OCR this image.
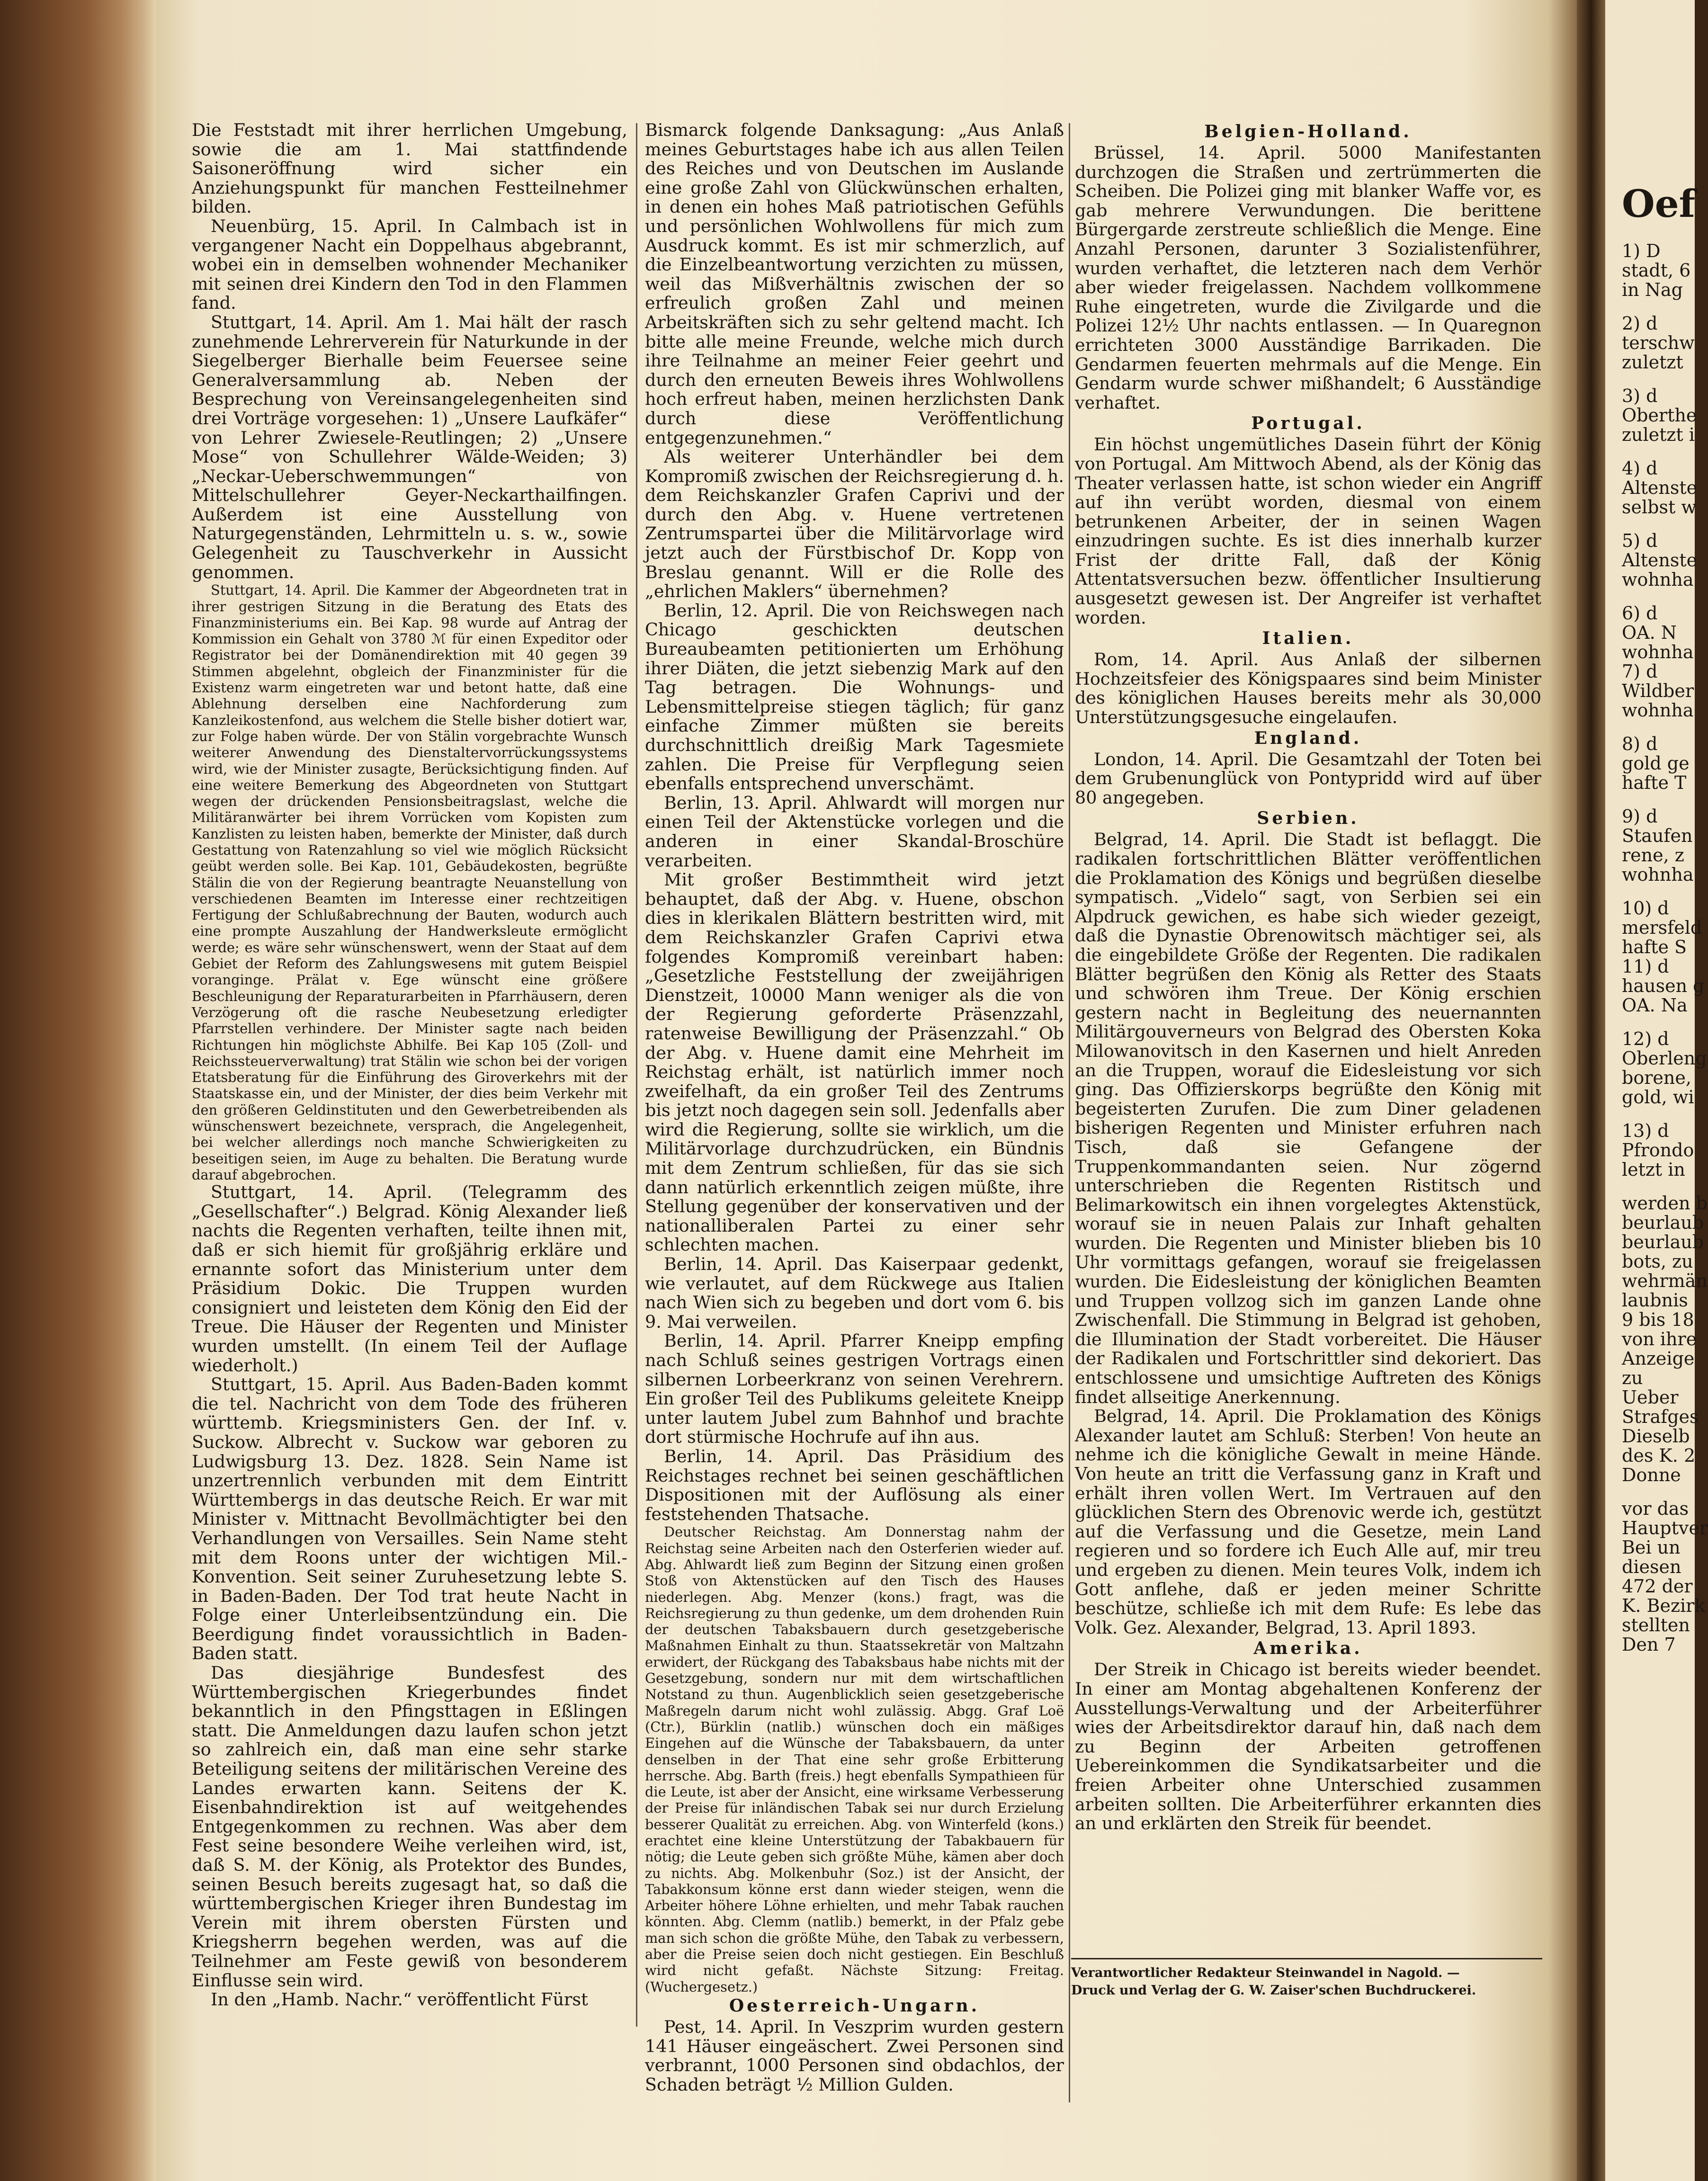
Die Feststadt mit ihrer herrlichen Umgebung, sowie die am 1. Mai stattfindende Saisoneröffnung wird sicher ein Anziehungspunkt für manchen Festteilnehmer bilden.

Neuenbürg, 15. April. In Calmbach ist in vergangener Nacht ein Doppelhaus abgebrannt, wobei ein in demselben wohnender Mechaniker mit seinen drei Kindern den Tod in den Flammen fand.

Stuttgart, 14. April. Am 1. Mai hält der rasch zunehmende Lehrerverein für Naturkunde in der Siegelberger Bierhalle beim Feuersee seine Generalversammlung ab. Neben der Besprechung von Vereinsangelegenheiten sind drei Vorträge vorgesehen: 1) „Unsere Laufkäfer“ von Lehrer Zwiesele-Reutlingen; 2) „Unsere Mose“ von Schullehrer Wälde-Weiden; 3) „Neckar-Ueberschwemmungen“ von Mittelschullehrer Geyer-Neckarthailfingen. Außerdem ist eine Ausstellung von Naturgegenständen, Lehrmitteln u. s. w., sowie Gelegenheit zu Tauschverkehr in Aussicht genommen.

Stuttgart, 14. April. Die Kammer der Abgeordneten trat in ihrer gestrigen Sitzung in die Beratung des Etats des Finanzministeriums ein. Bei Kap. 98 wurde auf Antrag der Kommission ein Gehalt von 3780 ℳ für einen Expeditor oder Registrator bei der Domänendirektion mit 40 gegen 39 Stimmen abgelehnt, obgleich der Finanzminister für die Existenz warm eingetreten war und betont hatte, daß eine Ablehnung derselben eine Nachforderung zum Kanzleikostenfond, aus welchem die Stelle bisher dotiert war, zur Folge haben würde. Der von Stälin vorgebrachte Wunsch weiterer Anwendung des Dienstaltervorrückungssystems wird, wie der Minister zusagte, Berücksichtigung finden. Auf eine weitere Bemerkung des Abgeordneten von Stuttgart wegen der drückenden Pensionsbeitragslast, welche die Militäranwärter bei ihrem Vorrücken vom Kopisten zum Kanzlisten zu leisten haben, bemerkte der Minister, daß durch Gestattung von Ratenzahlung so viel wie möglich Rücksicht geübt werden solle. Bei Kap. 101, Gebäudekosten, begrüßte Stälin die von der Regierung beantragte Neuanstellung von verschiedenen Beamten im Interesse einer rechtzeitigen Fertigung der Schlußabrechnung der Bauten, wodurch auch eine prompte Auszahlung der Handwerksleute ermöglicht werde; es wäre sehr wünschenswert, wenn der Staat auf dem Gebiet der Reform des Zahlungswesens mit gutem Beispiel voranginge. Prälat v. Ege wünscht eine größere Beschleunigung der Reparaturarbeiten in Pfarrhäusern, deren Verzögerung oft die rasche Neubesetzung erledigter Pfarrstellen verhindere. Der Minister sagte nach beiden Richtungen hin möglichste Abhilfe. Bei Kap 105 (Zoll- und Reichssteuerverwaltung) trat Stälin wie schon bei der vorigen Etatsberatung für die Einführung des Giroverkehrs mit der Staatskasse ein, und der Minister, der dies beim Verkehr mit den größeren Geldinstituten und den Gewerbetreibenden als wünschenswert bezeichnete, versprach, die Angelegenheit, bei welcher allerdings noch manche Schwierigkeiten zu beseitigen seien, im Auge zu behalten. Die Beratung wurde darauf abgebrochen.

Stuttgart, 14. April. (Telegramm des „Gesellschafter“.) Belgrad. König Alexander ließ nachts die Regenten verhaften, teilte ihnen mit, daß er sich hiemit für großjährig erkläre und ernannte sofort das Ministerium unter dem Präsidium Dokic. Die Truppen wurden consigniert und leisteten dem König den Eid der Treue. Die Häuser der Regenten und Minister wurden umstellt. (In einem Teil der Auflage wiederholt.)

Stuttgart, 15. April. Aus Baden-Baden kommt die tel. Nachricht von dem Tode des früheren württemb. Kriegsministers Gen. der Inf. v. Suckow. Albrecht v. Suckow war geboren zu Ludwigsburg 13. Dez. 1828. Sein Name ist unzertrennlich verbunden mit dem Eintritt Württembergs in das deutsche Reich. Er war mit Minister v. Mittnacht Bevollmächtigter bei den Verhandlungen von Versailles. Sein Name steht mit dem Roons unter der wichtigen Mil.-Konvention. Seit seiner Zuruhesetzung lebte S. in Baden-Baden. Der Tod trat heute Nacht in Folge einer Unterleibsentzündung ein. Die Beerdigung findet voraussichtlich in Baden-Baden statt.

Das diesjährige Bundesfest des Württembergischen Kriegerbundes findet bekanntlich in den Pfingsttagen in Eßlingen statt. Die Anmeldungen dazu laufen schon jetzt so zahlreich ein, daß man eine sehr starke Beteiligung seitens der militärischen Vereine des Landes erwarten kann. Seitens der K. Eisenbahndirektion ist auf weitgehendes Entgegenkommen zu rechnen. Was aber dem Fest seine besondere Weihe verleihen wird, ist, daß S. M. der König, als Protektor des Bundes, seinen Besuch bereits zugesagt hat, so daß die württembergischen Krieger ihren Bundestag im Verein mit ihrem obersten Fürsten und Kriegsherrn begehen werden, was auf die Teilnehmer am Feste gewiß von besonderem Einflusse sein wird.

In den „Hamb. Nachr.“ veröffentlicht Fürst

Bismarck folgende Danksagung: „Aus Anlaß meines Geburtstages habe ich aus allen Teilen des Reiches und von Deutschen im Auslande eine große Zahl von Glückwünschen erhalten, in denen ein hohes Maß patriotischen Gefühls und persönlichen Wohlwollens für mich zum Ausdruck kommt. Es ist mir schmerzlich, auf die Einzelbeantwortung verzichten zu müssen, weil das Mißverhältnis zwischen der so erfreulich großen Zahl und meinen Arbeitskräften sich zu sehr geltend macht. Ich bitte alle meine Freunde, welche mich durch ihre Teilnahme an meiner Feier geehrt und durch den erneuten Beweis ihres Wohlwollens hoch erfreut haben, meinen herzlichsten Dank durch diese Veröffentlichung entgegenzunehmen.“

Als weiterer Unterhändler bei dem Kompromiß zwischen der Reichsregierung d. h. dem Reichskanzler Grafen Caprivi und der durch den Abg. v. Huene vertretenen Zentrumspartei über die Militärvorlage wird jetzt auch der Fürstbischof Dr. Kopp von Breslau genannt. Will er die Rolle des „ehrlichen Maklers“ übernehmen?

Berlin, 12. April. Die von Reichswegen nach Chicago geschickten deutschen Bureaubeamten petitionierten um Erhöhung ihrer Diäten, die jetzt siebenzig Mark auf den Tag betragen. Die Wohnungs- und Lebensmittelpreise stiegen täglich; für ganz einfache Zimmer müßten sie bereits durchschnittlich dreißig Mark Tagesmiete zahlen. Die Preise für Verpflegung seien ebenfalls entsprechend unverschämt.

Berlin, 13. April. Ahlwardt will morgen nur einen Teil der Aktenstücke vorlegen und die anderen in einer Skandal-Broschüre verarbeiten.

Mit großer Bestimmtheit wird jetzt behauptet, daß der Abg. v. Huene, obschon dies in klerikalen Blättern bestritten wird, mit dem Reichskanzler Grafen Caprivi etwa folgendes Kompromiß vereinbart haben: „Gesetzliche Feststellung der zweijährigen Dienstzeit, 10000 Mann weniger als die von der Regierung geforderte Präsenzzahl, ratenweise Bewilligung der Präsenzzahl.“ Ob der Abg. v. Huene damit eine Mehrheit im Reichstag erhält, ist natürlich immer noch zweifelhaft, da ein großer Teil des Zentrums bis jetzt noch dagegen sein soll. Jedenfalls aber wird die Regierung, sollte sie wirklich, um die Militärvorlage durchzudrücken, ein Bündnis mit dem Zentrum schließen, für das sie sich dann natürlich erkenntlich zeigen müßte, ihre Stellung gegenüber der konservativen und der nationalliberalen Partei zu einer sehr schlechten machen.

Berlin, 14. April. Das Kaiserpaar gedenkt, wie verlautet, auf dem Rückwege aus Italien nach Wien sich zu begeben und dort vom 6. bis 9. Mai verweilen.

Berlin, 14. April. Pfarrer Kneipp empfing nach Schluß seines gestrigen Vortrags einen silbernen Lorbeerkranz von seinen Verehrern. Ein großer Teil des Publikums geleitete Kneipp unter lautem Jubel zum Bahnhof und brachte dort stürmische Hochrufe auf ihn aus.

Berlin, 14. April. Das Präsidium des Reichstages rechnet bei seinen geschäftlichen Dispositionen mit der Auflösung als einer feststehenden Thatsache.

Deutscher Reichstag. Am Donnerstag nahm der Reichstag seine Arbeiten nach den Osterferien wieder auf. Abg. Ahlwardt ließ zum Beginn der Sitzung einen großen Stoß von Aktenstücken auf den Tisch des Hauses niederlegen. Abg. Menzer (kons.) fragt, was die Reichsregierung zu thun gedenke, um dem drohenden Ruin der deutschen Tabaksbauern durch gesetzgeberische Maßnahmen Einhalt zu thun. Staatssekretär von Maltzahn erwidert, der Rückgang des Tabaksbaus habe nichts mit der Gesetzgebung, sondern nur mit dem wirtschaftlichen Notstand zu thun. Augenblicklich seien gesetzgeberische Maßregeln darum nicht wohl zulässig. Abgg. Graf Loë (Ctr.), Bürklin (natlib.) wünschen doch ein mäßiges Eingehen auf die Wünsche der Tabaksbauern, da unter denselben in der That eine sehr große Erbitterung herrsche. Abg. Barth (freis.) hegt ebenfalls Sympathieen für die Leute, ist aber der Ansicht, eine wirksame Verbesserung der Preise für inländischen Tabak sei nur durch Erzielung besserer Qualität zu erreichen. Abg. von Winterfeld (kons.) erachtet eine kleine Unterstützung der Tabakbauern für nötig; die Leute geben sich größte Mühe, kämen aber doch zu nichts. Abg. Molkenbuhr (Soz.) ist der Ansicht, der Tabakkonsum könne erst dann wieder steigen, wenn die Arbeiter höhere Löhne erhielten, und mehr Tabak rauchen könnten. Abg. Clemm (natlib.) bemerkt, in der Pfalz gebe man sich schon die größte Mühe, den Tabak zu verbessern, aber die Preise seien doch nicht gestiegen. Ein Beschluß wird nicht gefaßt. Nächste Sitzung: Freitag. (Wuchergesetz.)

Oesterreich-Ungarn.

Pest, 14. April. In Veszprim wurden gestern 141 Häuser eingeäschert. Zwei Personen sind verbrannt, 1000 Personen sind obdachlos, der Schaden beträgt ½ Million Gulden.

Belgien-Holland.

Brüssel, 14. April. 5000 Manifestanten durchzogen die Straßen und zertrümmerten die Scheiben. Die Polizei ging mit blanker Waffe vor, es gab mehrere Verwundungen. Die berittene Bürgergarde zerstreute schließlich die Menge. Eine Anzahl Personen, darunter 3 Sozialistenführer, wurden verhaftet, die letzteren nach dem Verhör aber wieder freigelassen. Nachdem vollkommene Ruhe eingetreten, wurde die Zivilgarde und die Polizei 12½ Uhr nachts entlassen. — In Quaregnon errichteten 3000 Ausständige Barrikaden. Die Gendarmen feuerten mehrmals auf die Menge. Ein Gendarm wurde schwer mißhandelt; 6 Ausständige verhaftet.

Portugal.

Ein höchst ungemütliches Dasein führt der König von Portugal. Am Mittwoch Abend, als der König das Theater verlassen hatte, ist schon wieder ein Angriff auf ihn verübt worden, diesmal von einem betrunkenen Arbeiter, der in seinen Wagen einzudringen suchte. Es ist dies innerhalb kurzer Frist der dritte Fall, daß der König Attentatsversuchen bezw. öffentlicher Insultierung ausgesetzt gewesen ist. Der Angreifer ist verhaftet worden.

Italien.

Rom, 14. April. Aus Anlaß der silbernen Hochzeitsfeier des Königspaares sind beim Minister des königlichen Hauses bereits mehr als 30,000 Unterstützungsgesuche eingelaufen.

England.

London, 14. April. Die Gesamtzahl der Toten bei dem Grubenunglück von Pontypridd wird auf über 80 angegeben.

Serbien.

Belgrad, 14. April. Die Stadt ist beflaggt. Die radikalen fortschrittlichen Blätter veröffentlichen die Proklamation des Königs und begrüßen dieselbe sympatisch. „Videlo“ sagt, von Serbien sei ein Alpdruck gewichen, es habe sich wieder gezeigt, daß die Dynastie Obrenowitsch mächtiger sei, als die eingebildete Größe der Regenten. Die radikalen Blätter begrüßen den König als Retter des Staats und schwören ihm Treue. Der König erschien gestern nacht in Begleitung des neuernannten Militärgouverneurs von Belgrad des Obersten Koka Milowanovitsch in den Kasernen und hielt Anreden an die Truppen, worauf die Eidesleistung vor sich ging. Das Offizierskorps begrüßte den König mit begeisterten Zurufen. Die zum Diner geladenen bisherigen Regenten und Minister erfuhren nach Tisch, daß sie Gefangene der Truppenkommandanten seien. Nur zögernd unterschrieben die Regenten Ristitsch und Belimarkowitsch ein ihnen vorgelegtes Aktenstück, worauf sie in neuen Palais zur Inhaft gehalten wurden. Die Regenten und Minister blieben bis 10 Uhr vormittags gefangen, worauf sie freigelassen wurden. Die Eidesleistung der königlichen Beamten und Truppen vollzog sich im ganzen Lande ohne Zwischenfall. Die Stimmung in Belgrad ist gehoben, die Illumination der Stadt vorbereitet. Die Häuser der Radikalen und Fortschrittler sind dekoriert. Das entschlossene und umsichtige Auftreten des Königs findet allseitige Anerkennung.

Belgrad, 14. April. Die Proklamation des Königs Alexander lautet am Schluß: Sterben! Von heute an nehme ich die königliche Gewalt in meine Hände. Von heute an tritt die Verfassung ganz in Kraft und erhält ihren vollen Wert. Im Vertrauen auf den glücklichen Stern des Obrenovic werde ich, gestützt auf die Verfassung und die Gesetze, mein Land regieren und so fordere ich Euch Alle auf, mir treu und ergeben zu dienen. Mein teures Volk, indem ich Gott anflehe, daß er jeden meiner Schritte beschütze, schließe ich mit dem Rufe: Es lebe das Volk. Gez. Alexander, Belgrad, 13. April 1893.

Amerika.

Der Streik in Chicago ist bereits wieder beendet. In einer am Montag abgehaltenen Konferenz der Ausstellungs-Verwaltung und der Arbeiterführer wies der Arbeitsdirektor darauf hin, daß nach dem zu Beginn der Arbeiten getroffenen Uebereinkommen die Syndikatsarbeiter und die freien Arbeiter ohne Unterschied zusammen arbeiten sollten. Die Arbeiterführer erkannten dies an und erklärten den Streik für beendet.

Verantwortlicher Redakteur Steinwandel in Nagold. —
Druck und Verlag der G. W. Zaiser'schen Buchdruckerei.
Oef
1) D
stadt, 6
in Nag
2) d
terschw
zuletzt
3) d
Oberthe
zuletzt i
4) d
Altenste
selbst w
5) d
Altenste
wohnha
6) d
OA. N
wohnha
7) d
Wildber
wohnha
8) d
gold ge
hafte T
9) d
Staufen
rene, z
wohnha
10) d
mersfeld
hafte S
11) d
hausen g
OA. Na
12) d
Oberleng
borene,
gold, wi
13) d
Pfrondo
letzt in
werden b
beurlaub
beurlaub
bots, zu
wehrmän
laubnis
9 bis 18
von ihre
Anzeige
zu
Ueber
Strafges
Dieselb
des K. 2
Donne
vor das
Hauptver
Bei un
diesen
472 der
K. Bezirk
stellten
Den 7
